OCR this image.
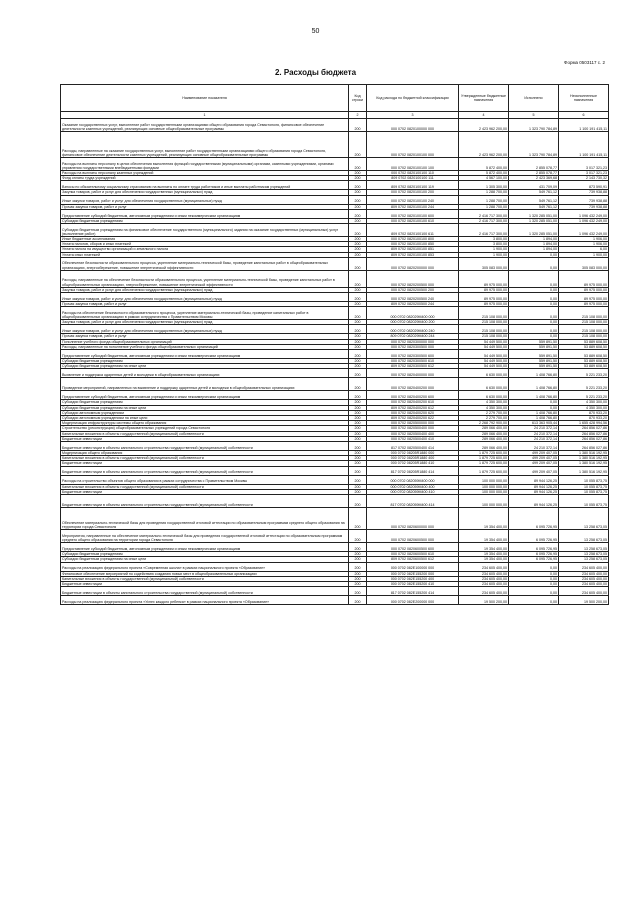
50
Форма 0503117 с. 2
2. Расходы бюджета
Наименование показателя	Код строки	Код расхода по бюджетной классификации	Утвержденные бюджетные назначения	Исполнено	Неисполненные назначения
1	2	3	4	5	6
Оказание государственных услуг, выполнение работ государственными организациями общего образования города Севастополя, финансовое обеспечение деятельности казенных учреждений, реализующих основные общеобразовательные программы	200	000 0702 0820100000 000	2 423 962 200,00	1 323 790 784,89	1 100 191 415,11
Расходы, направленные на оказание государственных услуг, выполнение работ государственными организациями общего образования города Севастополя, финансовое обеспечение деятельности казенных учреждений, реализующих основные общеобразовательные программы	200	000 0702 0820100100 000	2 423 962 200,00	1 323 790 784,89	1 100 191 415,11
Расходы на выплаты персоналу в целях обеспечения выполнения функций государственными (муниципальными) органами, казенными учреждениями, органами управления государственными внебюджетными фондами	200	000 0702 0820100100 100	5 872 400,00	2 855 078,77	3 017 321,23
Расходы на выплаты персоналу казенных учреждений	200	000 0702 0820100100 110	5 872 400,00	2 855 078,77	3 017 321,23
Фонд оплаты труда учреждений	200	809 0702 0820100100 111	4 567 100,00	2 423 369,68	2 143 730,32
Взносы по обязательному социальному страхованию на выплаты по оплате труда работников и иные выплаты работникам учреждений	200	809 0702 0820100100 119	1 305 300,00	431 709,09	873 590,91
Закупка товаров, работ и услуг для обеспечения государственных (муниципальных) нужд	200	000 0702 0820100100 200	1 288 700,00	549 761,12	739 938,88
Иные закупки товаров, работ и услуг для обеспечения государственных (муниципальных) нужд	200	000 0702 0820100100 240	1 288 700,00	549 761,12	739 938,88
Прочая закупка товаров, работ и услуг	200	809 0702 0820100100 244	1 288 700,00	549 761,12	739 938,88
Предоставление субсидий бюджетным, автономным учреждениям и иным некоммерческим организациям	200	000 0702 0820100100 600	2 416 717 300,00	1 320 285 051,00	1 096 432 249,00
Субсидии бюджетным учреждениям	200	000 0702 0820100100 610	2 416 717 300,00	1 320 285 051,00	1 096 432 249,00
Субсидии бюджетным учреждениям на финансовое обеспечение государственного (муниципального) задания на оказание государственных (муниципальных) услуг (выполнение работ)	200	809 0702 0820100100 611	2 416 717 300,00	1 320 285 051,00	1 096 432 249,00
Иные бюджетные ассигнования	200	000 0702 0820100100 800	3 800,00	1 894,00	1 906,00
Уплата налогов, сборов и иных платежей	200	000 0702 0820100100 850	3 800,00	1 894,00	1 906,00
Уплата налога на имущество организаций и земельного налога	200	809 0702 0820100100 851	1 900,00	1 894,00	6,00
Уплата иных платежей	200	809 0702 0820100100 853	1 900,00	0,00	1 900,00
Обеспечение безопасности образовательного процесса, укрепление материально-технической базы, проведение капитальных работ в общеобразовательных организациях, энергосбережение, повышение энергетической эффективности	200	000 0702 0820200000 000	305 083 000,00	0,00	305 083 000,00
Расходы, направленные на обеспечение безопасности образовательного процесса, укрепление материально-технической базы, проведение капитальных работ в общеобразовательных организациях, энергосбережение, повышение энергетической эффективности	200	000 0702 0820200500 000	89 975 000,00	0,00	89 975 000,00
Закупка товаров, работ и услуг для обеспечения государственных (муниципальных) нужд	200	000 0702 0820200500 200	89 975 000,00	0,00	89 975 000,00
Иные закупки товаров, работ и услуг для обеспечения государственных (муниципальных) нужд	200	000 0702 0820200500 240	89 975 000,00	0,00	89 975 000,00
Прочая закупка товаров, работ и услуг	200	809 0702 0820200500 244	89 975 000,00	0,00	89 975 000,00
Расходы на обеспечение безопасности образовательного процесса, укрепление материально-технической базы, проведение капитальных работ в общеобразовательных организациях в рамках сотрудничества с Правительством Москвы	200	000 0702 082029М400 000	215 108 000,00	0,00	215 108 000,00
Закупка товаров, работ и услуг для обеспечения государственных (муниципальных) нужд	200	000 0702 082029М400 200	215 108 000,00	0,00	215 108 000,00
Иные закупки товаров, работ и услуг для обеспечения государственных (муниципальных) нужд	200	000 0702 082029М400 240	215 108 000,00	0,00	215 108 000,00
Прочая закупка товаров, работ и услуг	200	809 0702 082029М400 244	215 108 000,00	0,00	215 108 000,00
Пополнение учебного фонда общеобразовательных организаций	200	000 0702 0820300000 000	54 449 500,00	559 891,50	53 889 608,50
Расходы, направленные на пополнение учебного фонда общеобразовательных организаций	200	000 0702 0820300500 000	54 449 500,00	559 891,50	53 889 608,50
Предоставление субсидий бюджетным, автономным учреждениям и иным некоммерческим организациям	200	000 0702 0820300500 600	54 449 500,00	559 891,50	53 889 608,50
Субсидии бюджетным учреждениям	200	000 0702 0820300500 610	54 449 500,00	559 891,50	53 889 608,50
Субсидии бюджетным учреждениям на иные цели	200	809 0702 0820300500 612	54 449 500,00	559 891,50	53 889 608,50
Выявление и поддержка одаренных детей и молодежи в общеобразовательных организациях	200	000 0702 0820400000 000	6 630 000,00	1 408 766,80	5 221 233,20
Проведение мероприятий, направленных на выявление и поддержку одаренных детей и молодежи в общеобразовательных организациях	200	000 0702 0820400200 000	6 630 000,00	1 408 766,80	5 221 233,20
Предоставление субсидий бюджетным, автономным учреждениям и иным некоммерческим организациям	200	000 0702 0820400200 600	6 630 000,00	1 408 766,80	5 221 233,20
Субсидии бюджетным учреждениям	200	000 0702 0820400200 610	4 350 300,00	0,00	4 350 300,00
Субсидии бюджетным учреждениям на иные цели	200	809 0702 0820400200 612	4 350 300,00	0,00	4 350 300,00
Субсидии автономным учреждениям	200	000 0702 0820400200 620	2 279 700,00	1 408 766,80	870 933,20
Субсидии автономным учреждениям на иные цели	200	809 0702 0820400200 622	2 279 700,00	1 408 766,80	870 933,20
Модернизация инфраструктуры системы общего образования	200	000 0702 0820500000 000	2 268 792 900,00	613 363 905,44	1 655 428 994,56
Строительство (реконструкция) общеобразовательных учреждений города Севастополя	200	000 0702 0820500400 000	289 066 400,00	24 210 372,14	264 856 027,86
Капитальные вложения в объекты государственной (муниципальной) собственности	200	000 0702 0820500400 400	289 066 400,00	24 210 372,14	264 856 027,86
Бюджетные инвестиции	200	000 0702 0820500400 410	289 066 400,00	24 210 372,14	264 856 027,86
Бюджетные инвестиции в объекты капитального строительства государственной (муниципальной) собственности	200	817 0702 0820500400 414	289 066 400,00	24 210 372,14	264 856 027,86
Модернизация общего образования	200	000 0702 08205R1880 000	1 879 725 600,00	499 209 407,05	1 380 516 192,95
Капитальные вложения в объекты государственной (муниципальной) собственности	200	000 0702 08205R1880 400	1 879 725 600,00	499 209 407,05	1 380 516 192,95
Бюджетные инвестиции	200	000 0702 08205R1880 410	1 879 725 600,00	499 209 407,05	1 380 516 192,95
Бюджетные инвестиции в объекты капитального строительства государственной (муниципальной) собственности	200	817 0702 08205R1880 414	1 879 725 600,00	499 209 407,05	1 380 516 192,95
Расходы на строительство объектов общего образования в рамках сотрудничества с Правительством Москвы	200	000 0702 082059М400 000	100 000 000,00	89 944 126,25	10 055 873,75
Капитальные вложения в объекты государственной (муниципальной) собственности	200	000 0702 082059М400 400	100 000 000,00	89 944 126,25	10 055 873,75
Бюджетные инвестиции	200	000 0702 082059М400 410	100 000 000,00	89 944 126,25	10 055 873,75
Бюджетные инвестиции в объекты капитального строительства государственной (муниципальной) собственности	200	817 0702 082059М400 414	100 000 000,00	89 944 126,25	10 055 873,75
Обеспечение материально-технической базы для проведения государственной итоговой аттестации по образовательным программам среднего общего образования на территории города Севастополя	200	000 0702 0820600000 000	19 354 400,00	6 095 726,95	13 258 673,05
Мероприятия, направленные на обеспечение материально-технической базы для проведения государственной итоговой аттестации по образовательным программам среднего общего образования на территории города Севастополя	200	000 0702 0820600500 000	19 354 400,00	6 095 726,95	13 258 673,05
Предоставление субсидий бюджетным, автономным учреждениям и иным некоммерческим организациям	200	000 0702 0820600500 600	19 354 400,00	6 095 726,95	13 258 673,05
Субсидии бюджетным учреждениям	200	000 0702 0820600500 610	19 354 400,00	6 095 726,95	13 258 673,05
Субсидии бюджетным учреждениям на иные цели	200	809 0702 0820600500 612	19 354 400,00	6 095 726,95	13 258 673,05
Расходы на реализацию федерального проекта «Современная школа» в рамках национального проекта «Образование»	200	000 0702 082E100000 000	234 605 400,00	0,00	234 605 400,00
Финансовое обеспечение мероприятий по содействию созданию новых мест в общеобразовательных организациях	200	000 0702 082E155200 000	234 605 400,00	0,00	234 605 400,00
Капитальные вложения в объекты государственной (муниципальной) собственности	200	000 0702 082E155200 400	234 605 400,00	0,00	234 605 400,00
Бюджетные инвестиции	200	000 0702 082E155200 410	234 605 400,00	0,00	234 605 400,00
Бюджетные инвестиции в объекты капитального строительства государственной (муниципальной) собственности	200	817 0702 082E155200 414	234 605 400,00	0,00	234 605 400,00
Расходы на реализацию федерального проекта «Успех каждого ребенка» в рамках национального проекта «Образование»	200	000 0702 082E200000 000	19 500 200,00	0,00	19 500 200,00
